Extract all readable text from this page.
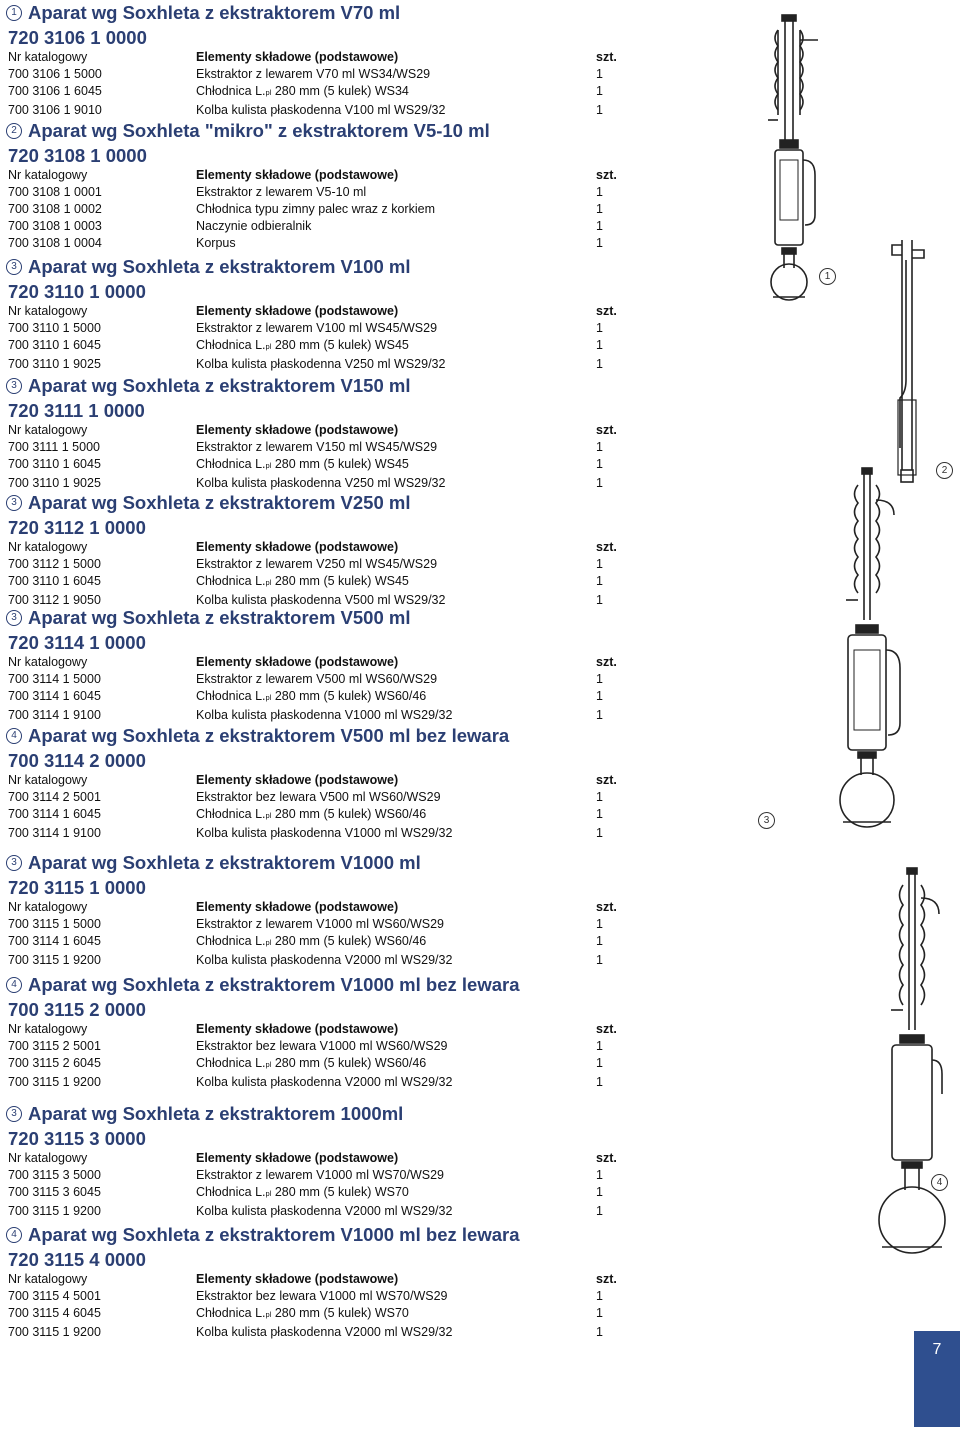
1 Aparat wg Soxhleta z ekstraktorem V70 ml
720 3106 1 0000
Nr katalogowy	Elementy składowe (podstawowe)	szt.
700 3106 1 5000	Ekstraktor z lewarem V70 ml WS34/WS29	1
700 3106 1 6045	Chłodnica L.pl 280 mm (5 kulek) WS34	1
700 3106 1 9010	Kolba kulista płaskodenna V100 ml WS29/32	1
2 Aparat wg Soxhleta "mikro" z ekstraktorem V5-10 ml
720 3108 1 0000
Nr katalogowy	Elementy składowe (podstawowe)	szt.
700 3108 1 0001	Ekstraktor z lewarem V5-10 ml	1
700 3108 1 0002	Chłodnica typu zimny palec wraz z korkiem	1
700 3108 1 0003	Naczynie odbieralnik	1
700 3108 1 0004	Korpus	1
3 Aparat wg Soxhleta z ekstraktorem V100 ml
720 3110 1 0000
Nr katalogowy	Elementy składowe (podstawowe)	szt.
700 3110 1 5000	Ekstraktor z lewarem V100 ml WS45/WS29	1
700 3110 1 6045	Chłodnica L.pl 280 mm (5 kulek) WS45	1
700 3110 1 9025	Kolba kulista płaskodenna V250 ml WS29/32	1
3 Aparat wg Soxhleta z ekstraktorem V150 ml
720 3111 1 0000
Nr katalogowy	Elementy składowe (podstawowe)	szt.
700 3111 1 5000	Ekstraktor z lewarem V150 ml WS45/WS29	1
700 3110 1 6045	Chłodnica L.pl 280 mm (5 kulek) WS45	1
700 3110 1 9025	Kolba kulista płaskodenna V250 ml WS29/32	1
3 Aparat wg Soxhleta z ekstraktorem V250 ml
720 3112 1 0000
Nr katalogowy	Elementy składowe (podstawowe)	szt.
700 3112 1 5000	Ekstraktor z lewarem V250 ml WS45/WS29	1
700 3110 1 6045	Chłodnica L.pl 280 mm (5 kulek) WS45	1
700 3112 1 9050	Kolba kulista płaskodenna V500 ml WS29/32	1
3 Aparat wg Soxhleta z ekstraktorem V500 ml
720 3114 1 0000
Nr katalogowy	Elementy składowe (podstawowe)	szt.
700 3114 1 5000	Ekstraktor z lewarem V500 ml WS60/WS29	1
700 3114 1 6045	Chłodnica L.pl 280 mm (5 kulek) WS60/46	1
700 3114 1 9100	Kolba kulista płaskodenna V1000 ml WS29/32	1
4 Aparat wg Soxhleta z ekstraktorem V500 ml bez lewara
700 3114 2 0000
Nr katalogowy	Elementy składowe (podstawowe)	szt.
700 3114 2 5001	Ekstraktor bez lewara V500 ml WS60/WS29	1
700 3114 1 6045	Chłodnica L.pl 280 mm (5 kulek) WS60/46	1
700 3114 1 9100	Kolba kulista płaskodenna V1000 ml WS29/32	1
3 Aparat wg Soxhleta z ekstraktorem V1000 ml
720 3115 1 0000
Nr katalogowy	Elementy składowe (podstawowe)	szt.
700 3115 1 5000	Ekstraktor z lewarem V1000 ml WS60/WS29	1
700 3114 1 6045	Chłodnica L.pl 280 mm (5 kulek) WS60/46	1
700 3115 1 9200	Kolba kulista płaskodenna V2000 ml WS29/32	1
4 Aparat wg Soxhleta z ekstraktorem V1000 ml bez lewara
700 3115 2 0000
Nr katalogowy	Elementy składowe (podstawowe)	szt.
700 3115 2 5001	Ekstraktor bez lewara V1000 ml WS60/WS29	1
700 3115 2 6045	Chłodnica L.pl 280 mm (5 kulek) WS60/46	1
700 3115 1 9200	Kolba kulista płaskodenna V2000 ml WS29/32	1
3 Aparat wg Soxhleta z ekstraktorem 1000ml
720 3115 3 0000
Nr katalogowy	Elementy składowe (podstawowe)	szt.
700 3115 3 5000	Ekstraktor z lewarem V1000 ml WS70/WS29	1
700 3115 3 6045	Chłodnica L.pl 280 mm (5 kulek) WS70	1
700 3115 1 9200	Kolba kulista płaskodenna V2000 ml WS29/32	1
4 Aparat wg Soxhleta z ekstraktorem V1000 ml bez lewara
720 3115 4 0000
Nr katalogowy	Elementy składowe (podstawowe)	szt.
700 3115 4 5001	Ekstraktor bez lewara V1000 ml WS70/WS29	1
700 3115 4 6045	Chłodnica L.pl 280 mm (5 kulek) WS70	1
700 3115 1 9200	Kolba kulista płaskodenna V2000 ml WS29/32	1
1
2
3
4
7
